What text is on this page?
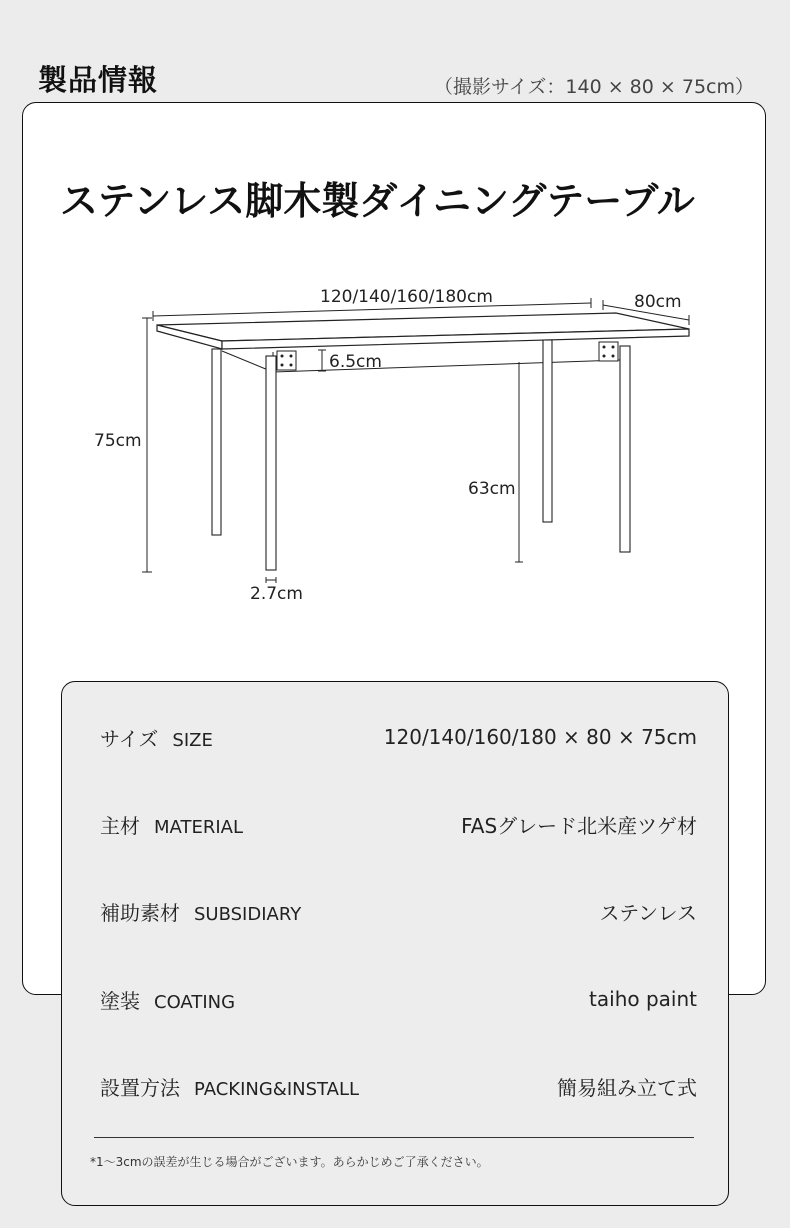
製品情報	（撮影サイズ：140 × 80 × 75cm）
ステンレス脚木製ダイニングテーブル
120/140/160/180cm	80cm
75cm
6.5cm
63cm
2.7cm
サイズ SIZE	120/140/160/180 × 80 × 75cm
主材 MATERIAL	FASグレード北米産ツゲ材
補助素材 SUBSIDIARY	ステンレス
塗装 COATING	taiho paint
設置方法 PACKING&INSTALL	簡易組み立て式
*1〜3cmの誤差が生じる場合がございます。あらかじめご了承ください。
